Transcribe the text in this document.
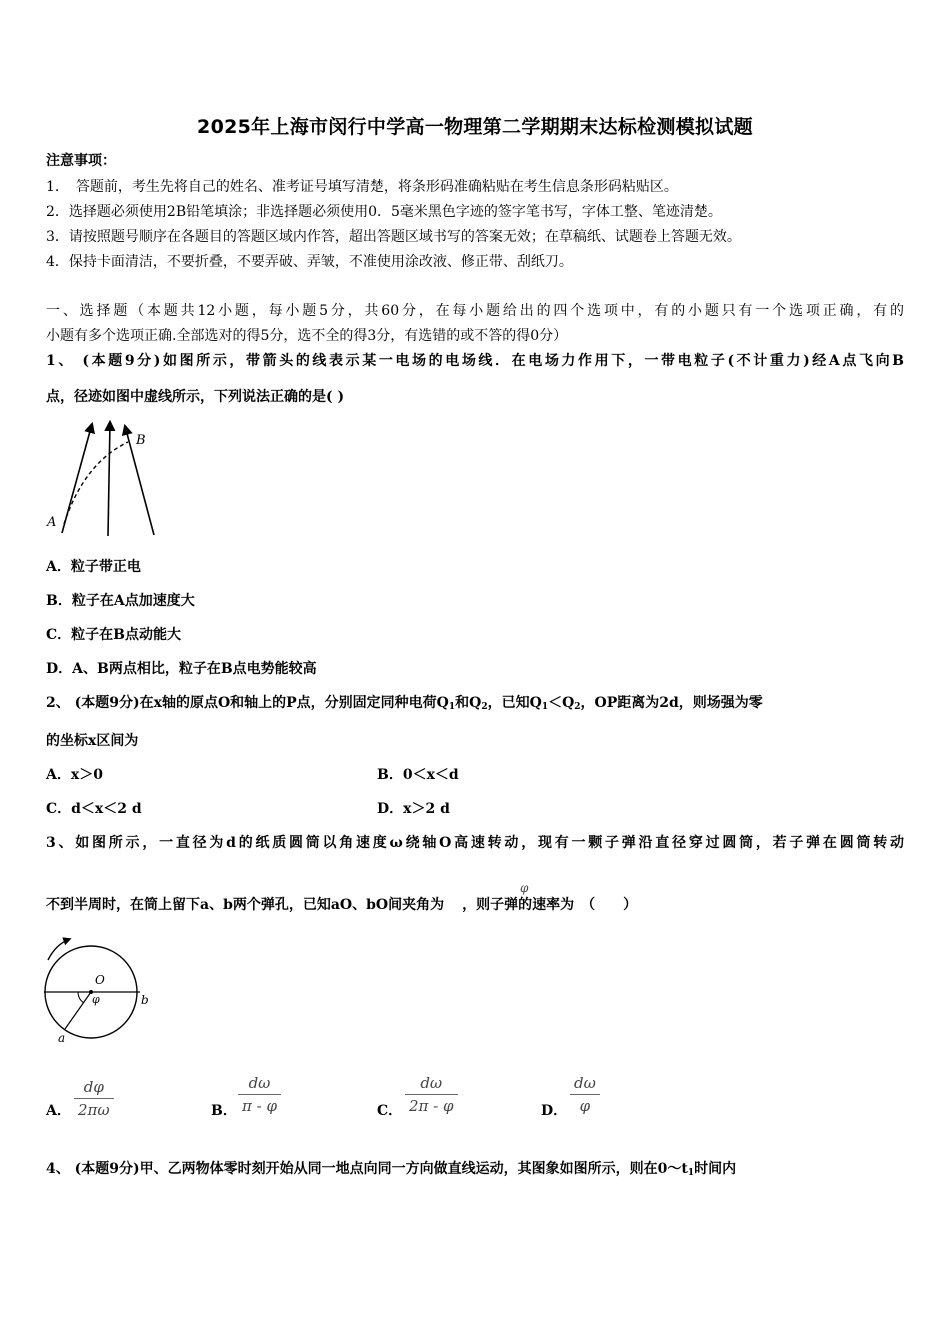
2025年上海市闵行中学高一物理第二学期期末达标检测模拟试题
注意事项：
1．　答题前，考生先将自己的姓名、准考证号填写清楚，将条形码准确粘贴在考生信息条形码粘贴区。
2．选择题必须使用2B铅笔填涂；非选择题必须使用0．5毫米黑色字迹的签字笔书写，字体工整、笔迹清楚。
3．请按照题号顺序在各题目的答题区域内作答，超出答题区域书写的答案无效；在草稿纸、试题卷上答题无效。
4．保持卡面清洁，不要折叠，不要弄破、弄皱，不准使用涂改液、修正带、刮纸刀。
一、选择题（本题共12小题，每小题5分，共60分，在每小题给出的四个选项中，有的小题只有一个选项正确，有的
小题有多个选项正确.全部选对的得5分，选不全的得3分，有选错的或不答的得0分）
1、 (本题9分)如图所示，带箭头的线表示某一电场的电场线．在电场力作用下，一带电粒子(不计重力)经A点飞向B
点，径迹如图中虚线所示，下列说法正确的是( )
A
B
A．粒子带正电
B．粒子在A点加速度大
C．粒子在B点动能大
D．A、B两点相比，粒子在B点电势能较高
2、 (本题9分)在x轴的原点O和轴上的P点，分别固定同种电荷$Q_1$和$Q_2$，已知$Q_1<Q_2$，OP距离为2d，则场强为零
的坐标x区间为
A．x＞0	B．0＜x＜d
C．d＜x＜2 d	D．x＞2 d
3、如图所示，一直径为d的纸质圆筒以角速度ω绕轴O高速转动，现有一颗子弹沿直径穿过圆筒，若子弹在圆筒转动
不到半周时，在筒上留下a、b两个弹孔，已知aO、bO间夹角为 ，则子弹的速率为　（　　）
φ
O
φ
a
b
A．
dφ
2πω	B．
dω
π - φ	C．
dω
2π - φ	D．
dω
φ
4、 (本题9分)甲、乙两物体零时刻开始从同一地点向同一方向做直线运动，其图象如图所示，则在$0\sim t_1$时间内
